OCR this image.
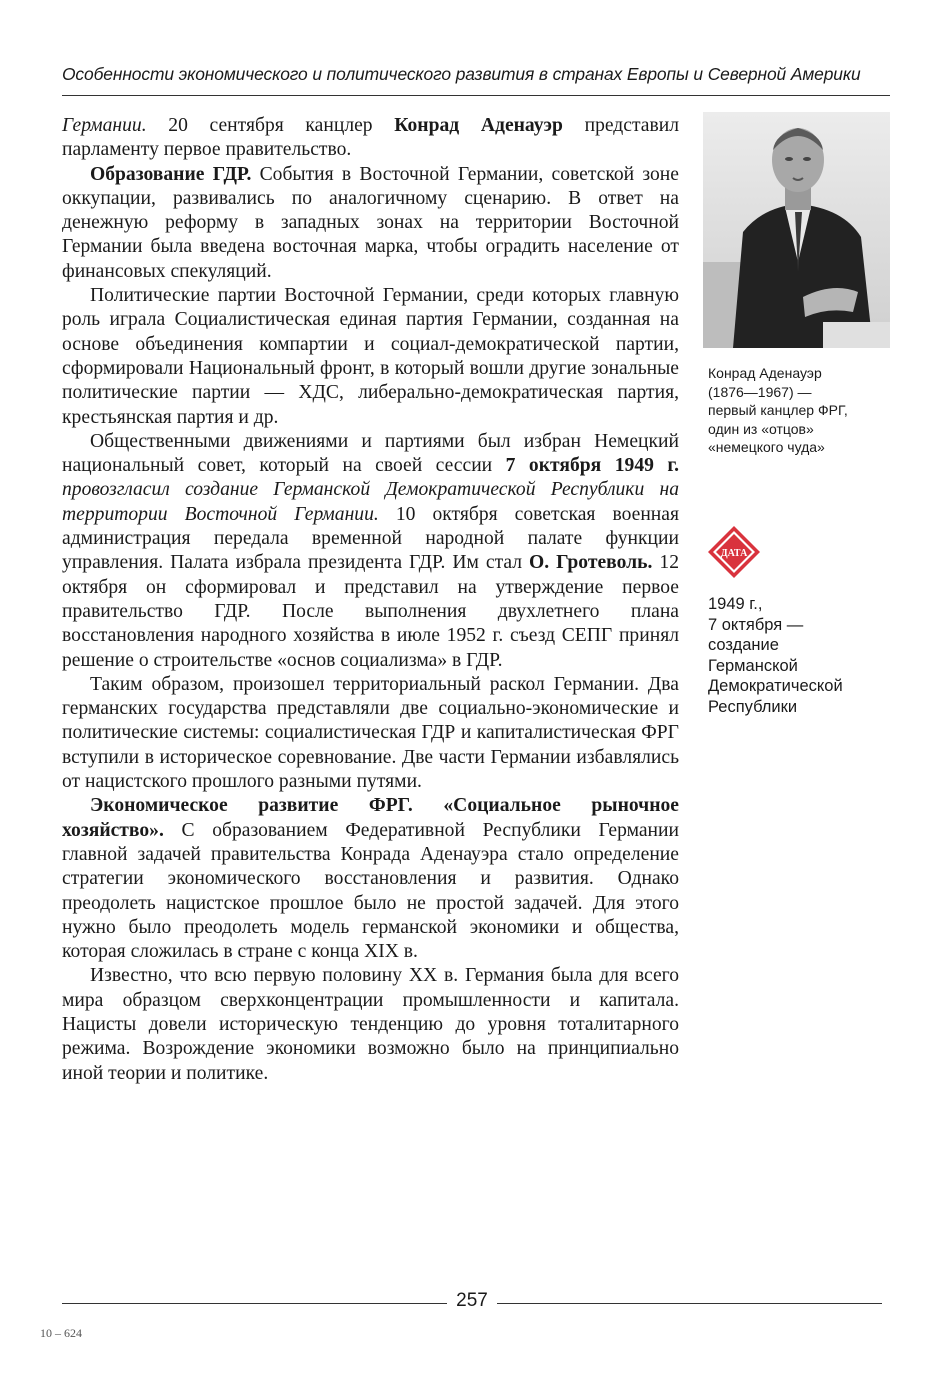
Особенности экономического и политического развития в странах Европы и Северной Америки

Германии. 20 сентября канцлер Конрад Аденауэр представил парламенту первое правительство.

Образование ГДР. События в Восточной Германии, советской зоне оккупации, развивались по аналогичному сценарию. В ответ на денежную реформу в западных зонах на территории Восточной Германии была введена восточная марка, чтобы оградить население от финансовых спекуляций.

Политические партии Восточной Германии, среди которых главную роль играла Социалистическая единая партия Германии, созданная на основе объединения компартии и социал-демократической партии, сформировали Национальный фронт, в который вошли другие зональные политические партии — ХДС, либерально-демократическая партия, крестьянская партия и др.

Общественными движениями и партиями был избран Немецкий национальный совет, который на своей сессии 7 октября 1949 г. провозгласил создание Германской Демократической Республики на территории Восточной Германии. 10 октября советская военная администрация передала временной народной палате функции управления. Палата избрала президента ГДР. Им стал О. Гротеволь. 12 октября он сформировал и представил на утверждение первое правительство ГДР. После выполнения двухлетнего плана восстановления народного хозяйства в июле 1952 г. съезд СЕПГ принял решение о строительстве «основ социализма» в ГДР.

Таким образом, произошел территориальный раскол Германии. Два германских государства представляли две социально-экономические и политические системы: социалистическая ГДР и капиталистическая ФРГ вступили в историческое соревнование. Две части Германии избавлялись от нацистского прошлого разными путями.

Экономическое развитие ФРГ. «Социальное рыночное хозяйство». С образованием Федеративной Республики Германии главной задачей правительства Конрада Аденауэра стало определение стратегии экономического восстановления и развития. Однако преодолеть нацистское прошлое было не простой задачей. Для этого нужно было преодолеть модель германской экономики и общества, которая сложилась в стране с конца XIX в.

Известно, что всю первую половину XX в. Германия была для всего мира образцом сверхконцентрации промышленности и капитала. Нацисты довели историческую тенденцию до уровня тоталитарного режима. Возрождение экономики возможно было на принципиально иной теории и политике.

Конрад Аденауэр
(1876—1967) —
первый канцлер ФРГ,
один из «отцов»
«немецкого чуда»
ДАТА
1949 г.,
7 октября —
создание
Германской
Демократической
Республики
257
10 – 624
